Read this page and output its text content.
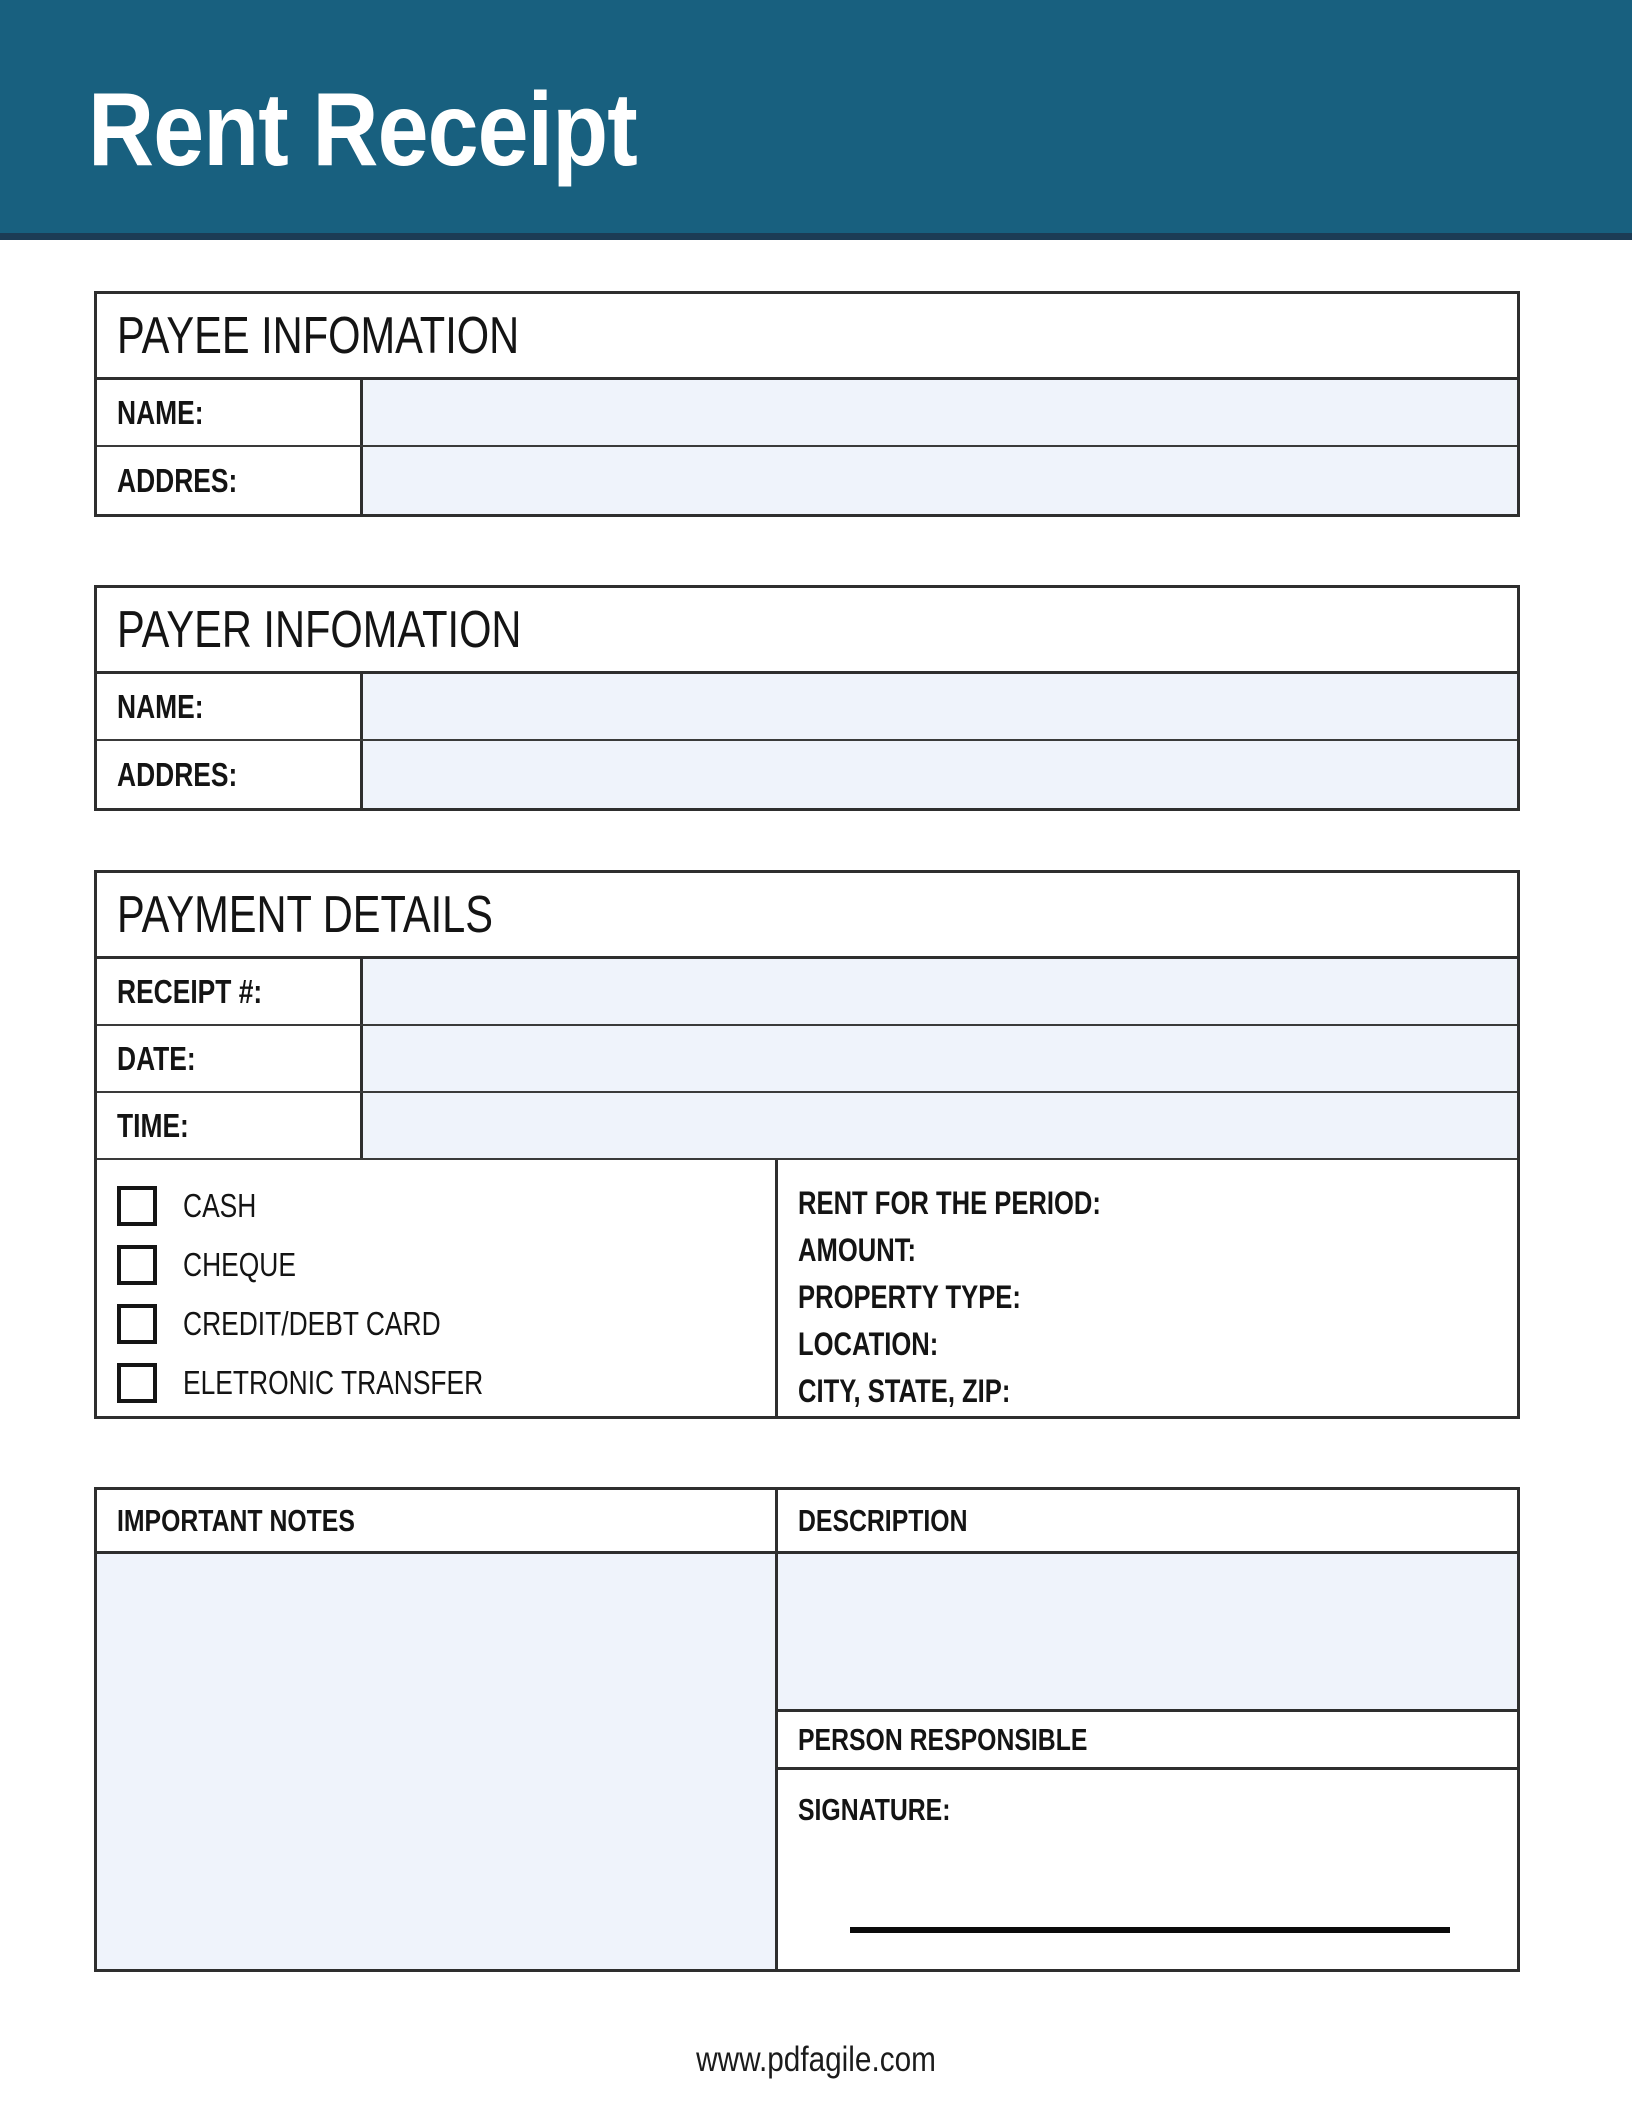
Rent Receipt
PAYEE INFOMATION
NAME:
ADDRES:
PAYER INFOMATION
NAME:
ADDRES:
PAYMENT DETAILS
RECEIPT #:
DATE:
TIME:
CASH
CHEQUE
CREDIT/DEBT CARD
ELETRONIC TRANSFER
RENT FOR THE PERIOD:
AMOUNT:
PROPERTY TYPE:
LOCATION:
CITY, STATE, ZIP:
IMPORTANT NOTES	DESCRIPTION
PERSON RESPONSIBLE
SIGNATURE:
www.pdfagile.com
